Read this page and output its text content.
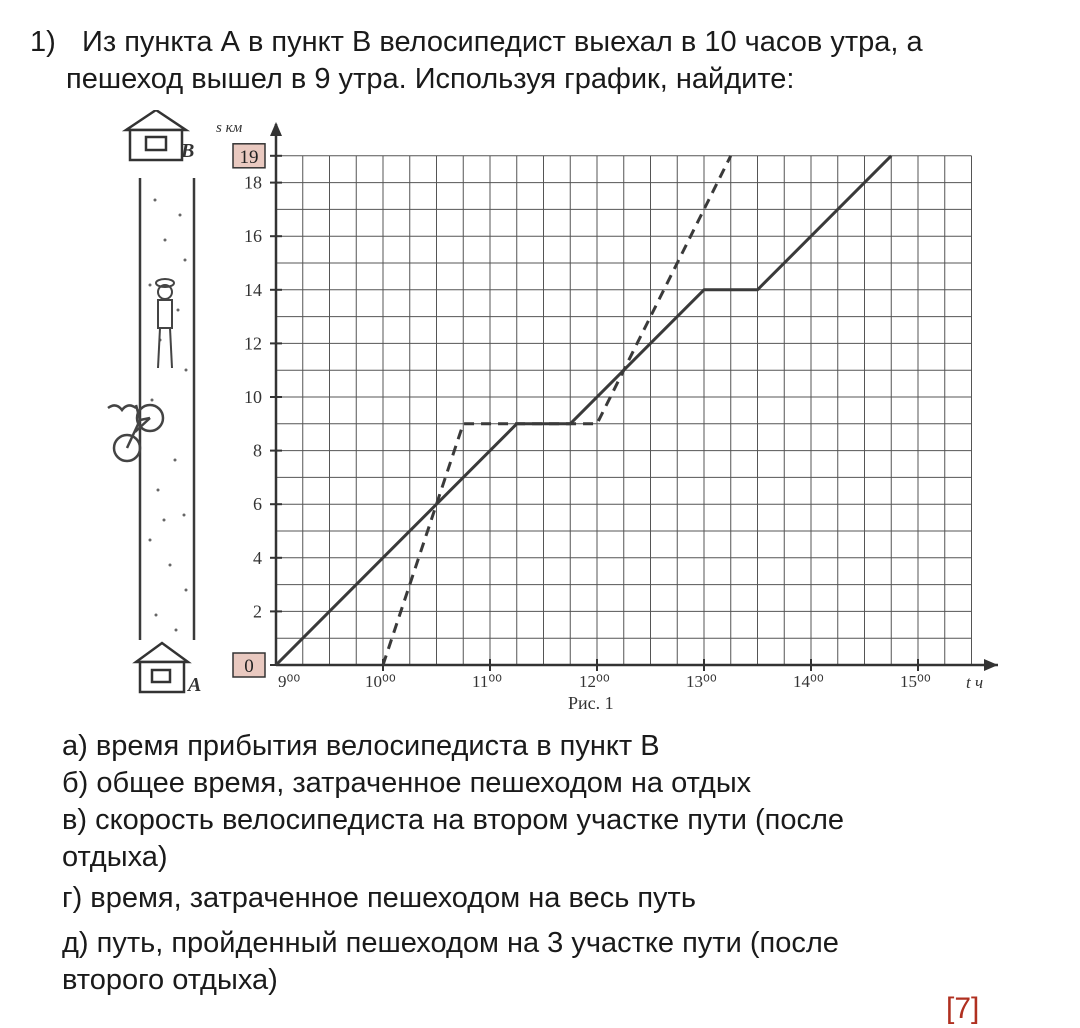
1) Из пункта А в пункт В велосипедист выехал в 10 часов утра, а
пешеход вышел в 9 утра. Используя график, найдите:
B
A
0
2
4
6
8
10
12
14
16
18
19
9⁰⁰	10⁰⁰	11⁰⁰	12⁰⁰	13⁰⁰	14⁰⁰	15⁰⁰
s км
t ч
Рис. 1

а) время прибытия велосипедиста в пункт В

б) общее время, затраченное пешеходом на отдых

в) скорость велосипедиста на втором участке пути (после

отдыха)

г) время, затраченное пешеходом на весь путь

д) путь, пройденный пешеходом на 3 участке пути (после

второго отдыха)

[7]
